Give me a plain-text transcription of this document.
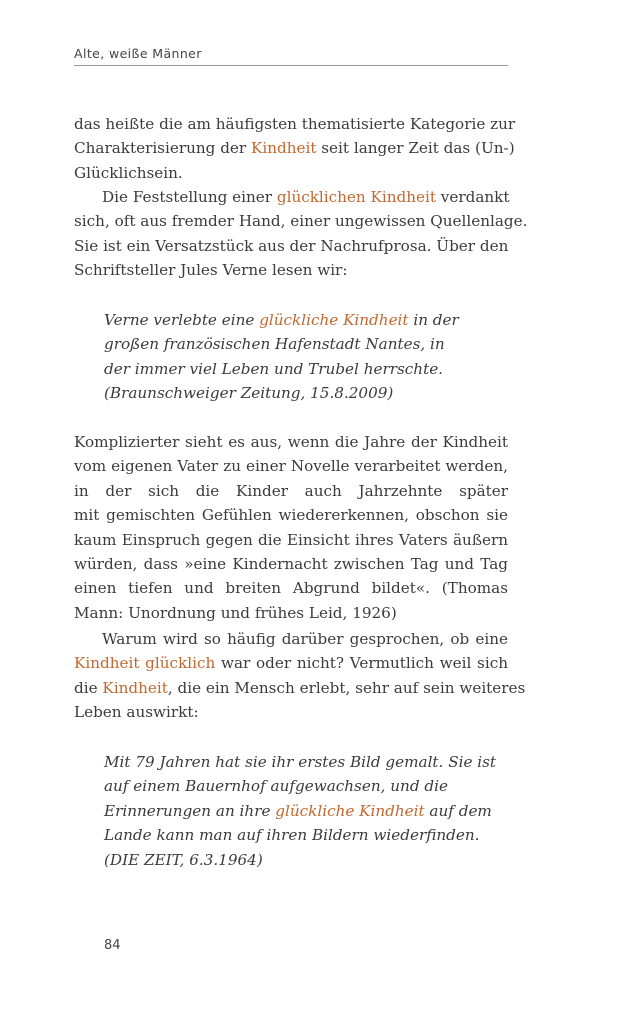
Alte, weiße Männer
das heißte die am häufigsten thematisierte Kategorie zur
Charakterisierung der Kindheit seit langer Zeit das (Un-)
Glücklichsein.
Die Feststellung einer glücklichen Kindheit verdankt
sich, oft aus fremder Hand, einer ungewissen Quellenlage.
Sie ist ein Versatzstück aus der Nachrufprosa. Über den
Schriftsteller Jules Verne lesen wir:
Verne verlebte eine glückliche Kindheit in der
großen französischen Hafenstadt Nantes, in
der immer viel Leben und Trubel herrschte.
(Braunschweiger Zeitung, 15.8.2009)
Komplizierter sieht es aus, wenn die Jahre der Kindheit
vom eigenen Vater zu einer Novelle verarbeitet werden,
in der sich die Kinder auch Jahrzehnte später
mit gemischten Gefühlen wiedererkennen, obschon sie
kaum Einspruch gegen die Einsicht ihres Vaters äußern
würden, dass »eine Kindernacht zwischen Tag und Tag
einen tiefen und breiten Abgrund bildet«. (Thomas
Mann: Unordnung und frühes Leid, 1926)
Warum wird so häufig darüber gesprochen, ob eine
Kindheit glücklich war oder nicht? Vermutlich weil sich
die Kindheit, die ein Mensch erlebt, sehr auf sein weiteres
Leben auswirkt:
Mit 79 Jahren hat sie ihr erstes Bild gemalt. Sie ist
auf einem Bauernhof aufgewachsen, und die
Erinnerungen an ihre glückliche Kindheit auf dem
Lande kann man auf ihren Bildern wiederfinden.
(DIE ZEIT, 6.3.1964)
84
